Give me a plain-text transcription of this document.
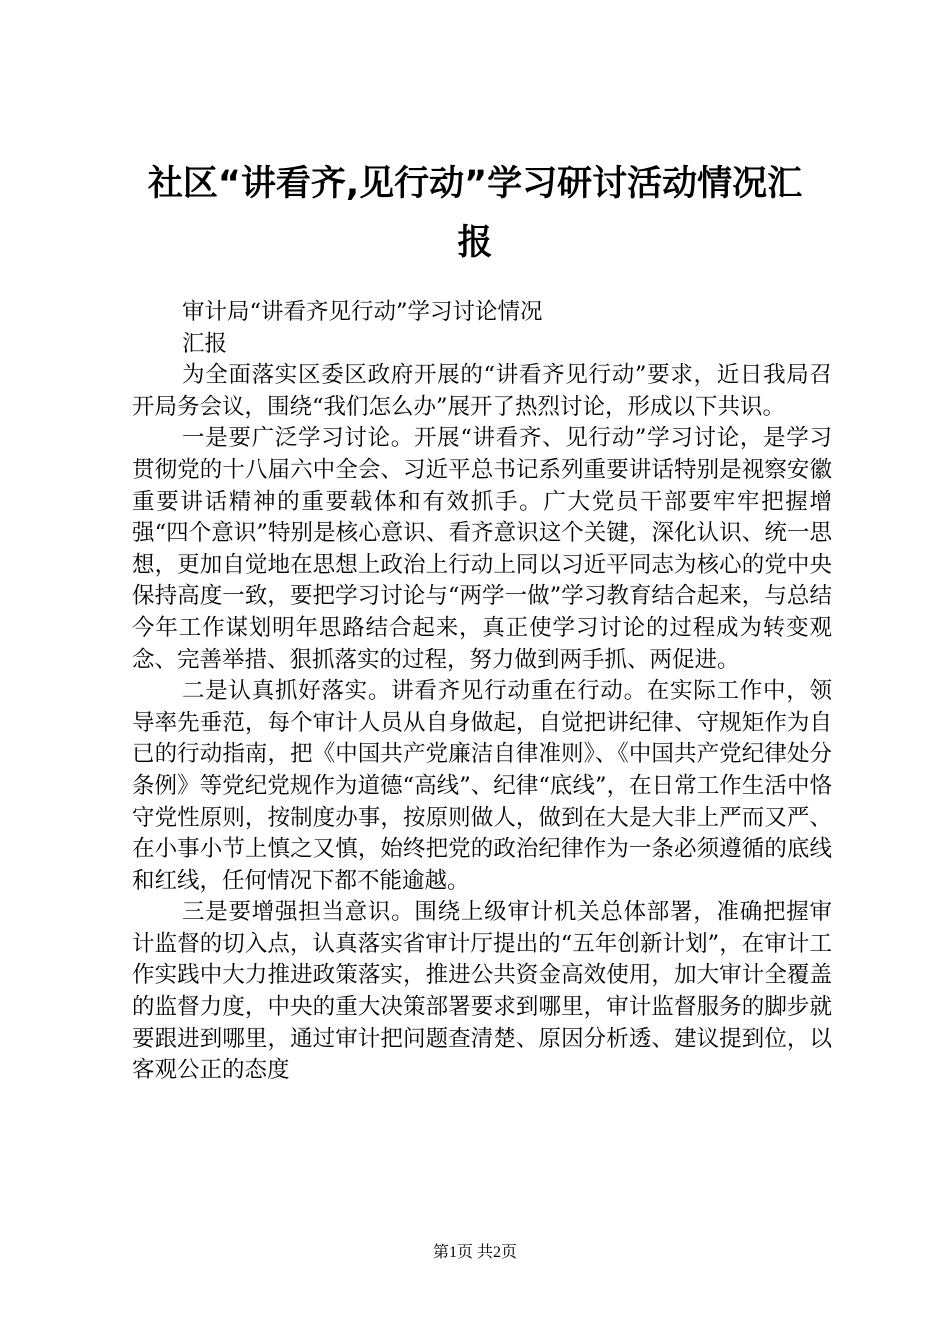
社区“讲看齐,见行动”学习研讨活动情况汇
报
审计局“讲看齐见行动”学习讨论情况
汇报

为全面落实区委区政府开展的“讲看齐见行动”要求，近日我局召开局务会议，围绕“我们怎么办”展开了热烈讨论，形成以下共识。

一是要广泛学习讨论。开展“讲看齐、见行动”学习讨论，是学习贯彻党的十八届六中全会、习近平总书记系列重要讲话特别是视察安徽重要讲话精神的重要载体和有效抓手。广大党员干部要牢牢把握增强“四个意识”特别是核心意识、看齐意识这个关键，深化认识、统一思想，更加自觉地在思想上政治上行动上同以习近平同志为核心的党中央保持高度一致，要把学习讨论与“两学一做”学习教育结合起来，与总结今年工作谋划明年思路结合起来，真正使学习讨论的过程成为转变观念、完善举措、狠抓落实的过程，努力做到两手抓、两促进。

二是认真抓好落实。讲看齐见行动重在行动。在实际工作中，领导率先垂范，每个审计人员从自身做起，自觉把讲纪律、守规矩作为自已的行动指南，把《中国共产党廉洁自律准则》、《中国共产党纪律处分条例》等党纪党规作为道德“高线”、纪律“底线”，在日常工作生活中恪守党性原则，按制度办事，按原则做人，做到在大是大非上严而又严、在小事小节上慎之又慎，始终把党的政治纪律作为一条必须遵循的底线和红线，任何情况下都不能逾越。

三是要增强担当意识。围绕上级审计机关总体部署，准确把握审计监督的切入点，认真落实省审计厅提出的“五年创新计划”，在审计工作实践中大力推进政策落实，推进公共资金高效使用，加大审计全覆盖的监督力度，中央的重大决策部署要求到哪里，审计监督服务的脚步就要跟进到哪里，通过审计把问题查清楚、原因分析透、建议提到位，以客观公正的态度

第1页 共2页
